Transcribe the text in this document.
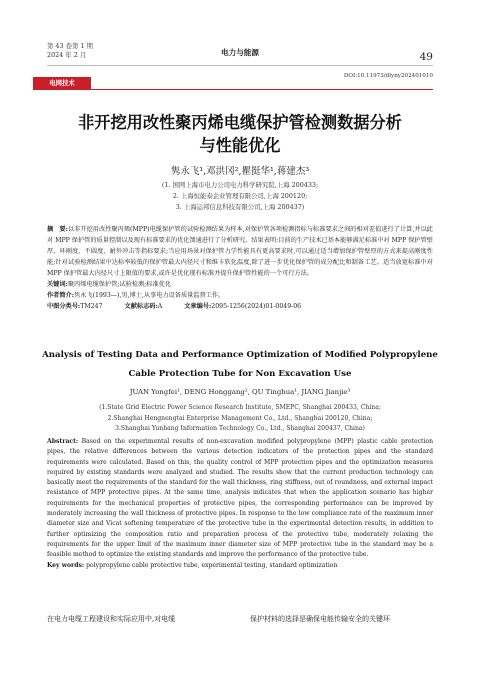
第 43 卷第 1 期
2024 年 2 月	电力与能源	49
电网技术
DOI:10.11973/dlyny202401010
非开挖用改性聚丙烯电缆保护管检测数据分析
与性能优化
隽永飞¹,邓洪冈²,瞿挺华¹,蒋建杰³
(1. 国网上海市电力公司电力科学研究院,上海 200433;
2. 上海恒能泰企业管理有限公司,上海 200120;
3. 上海运邦信息科技有限公司,上海 200437)

摘　要:以非开挖用改性聚丙烯(MPP)电缆保护管的试验检测结果为样本,对保护管各项检测指标与标准要求之间的相对差值进行了计算,并以此对 MPP 保护管的质量控制以及现有标准要求的优化馈通进行了分析研究。结果表明:目前的生产技术已基本能够满足标准中对 MPP 保护管壁厚、环刚度、不圆度、耐外冲击等指标要求;当应用场景对保护管力学性能具有更高要求时,可以通过适当增加保护管壁厚的方式来提高刚度性能;针对试验检测结果中达标率较低的保护管最大内径尺寸和维卡软化温度,除了进一步优化保护管的成分配比和制备工艺。适当放宽标准中对 MPP 保护管最大内径尺寸上限值的要求,或许是优化现有标准并提升保护管性能的一个可行方法。

关键词:聚丙烯电缆保护管;试验检测;标准优化

作者简介:隽永飞(1993—),男,博士,从事电力设备质量监督工作。

中图分类号:TM247	文献标志码:A	文章编号:2095-1256(2024)01-0049-06

Analysis of Testing Data and Performance Optimization of Modified Polypropylene
Cable Protection Tube for Non Excavation Use
JUAN Yongfei¹, DENG Honggang², QU Tinghua¹, JIANG Jianjie³
(1.State Grid Electric Power Science Research Institute, SMEPC, Shanghai 200433, China;
2.Shanghai Hengnengtai Enterprise Management Co., Ltd., Shanghai 200120, China;
3.Shanghai Yunbang Information Technology Co., Ltd., Shanghai 200437, China)

Abstract: Based on the experimental results of non-excavation modified polypropylene (MPP) plastic cable protection pipes, the relative differences between the various detection indicators of the protection pipes and the standard requirements were calculated. Based on this, the quality control of MPP protection pipes and the optimization measures required by existing standards were analyzed and studied. The results show that the current production technology can basically meet the requirements of the standard for the wall thickness, ring stiffness, out of roundness, and external impact resistance of MPP protective pipes. At the same time, analysis indicates that when the application scenario has higher requirements for the mechanical properties of protective pipes, the corresponding performance can be improved by moderately increasing the wall thickness of protective pipes. In response to the low compliance rate of the maximum inner diameter size and Vicat softening temperature of the protective tube in the experimental detection results, in addition to further optimizing the composition ratio and preparation process of the protective tube, moderately relaxing the requirements for the upper limit of the maximum inner diameter size of MPP protective tube in the standard may be a feasible method to optimize the existing standards and improve the performance of the protective tube.

Key words: polypropylene cable protective tube, experimental testing, standard optimization

在电力电缆工程建设和实际应用中,对电缆	保护材料的选择是确保电能传输安全的关键环
